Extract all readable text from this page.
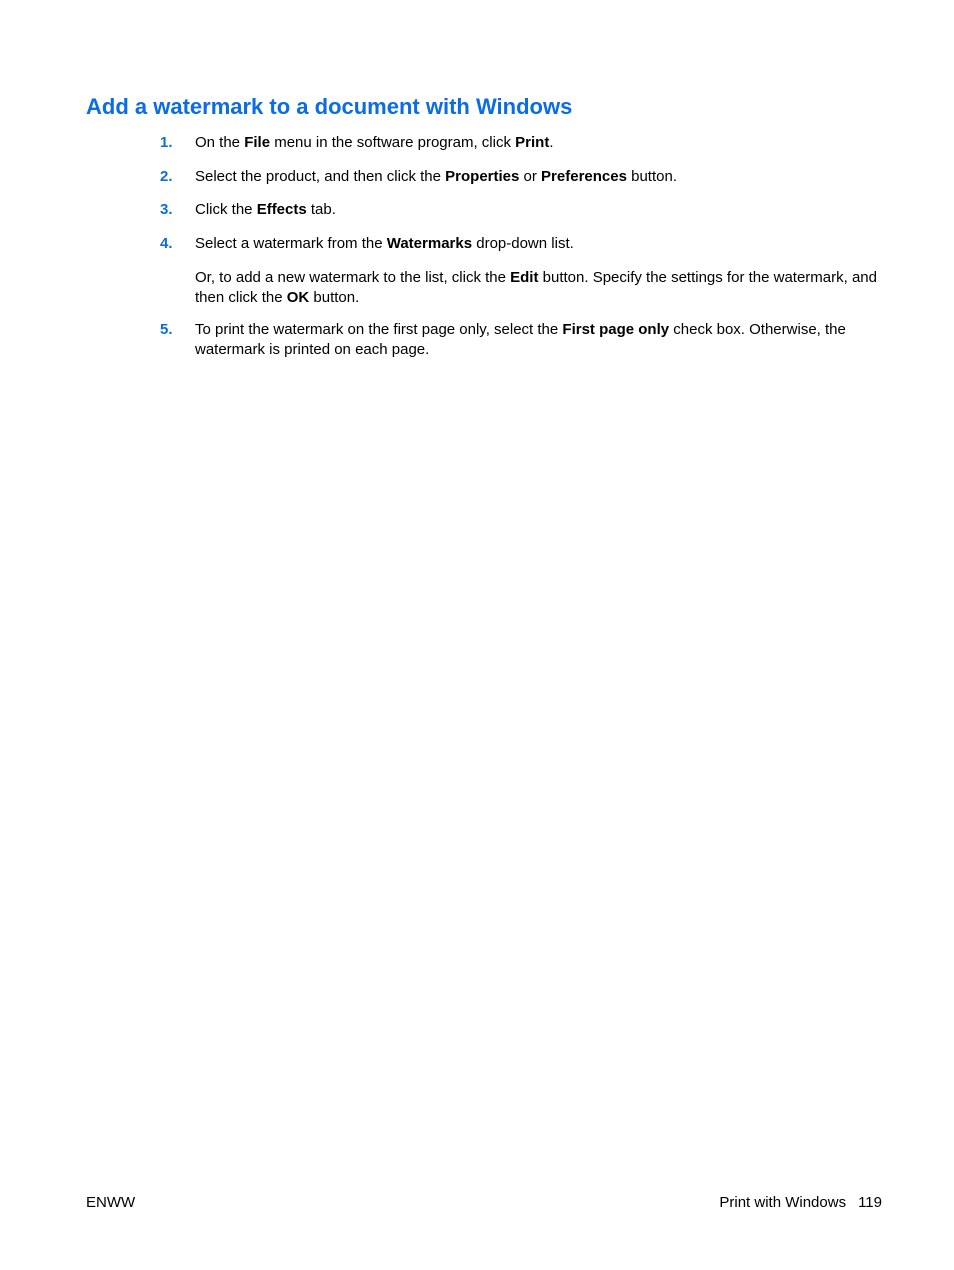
Add a watermark to a document with Windows
1. On the File menu in the software program, click Print.
2. Select the product, and then click the Properties or Preferences button.
3. Click the Effects tab.
4. Select a watermark from the Watermarks drop-down list.
Or, to add a new watermark to the list, click the Edit button. Specify the settings for the watermark, and then click the OK button.
5. To print the watermark on the first page only, select the First page only check box. Otherwise, the watermark is printed on each page.
ENWW	Print with Windows 119
